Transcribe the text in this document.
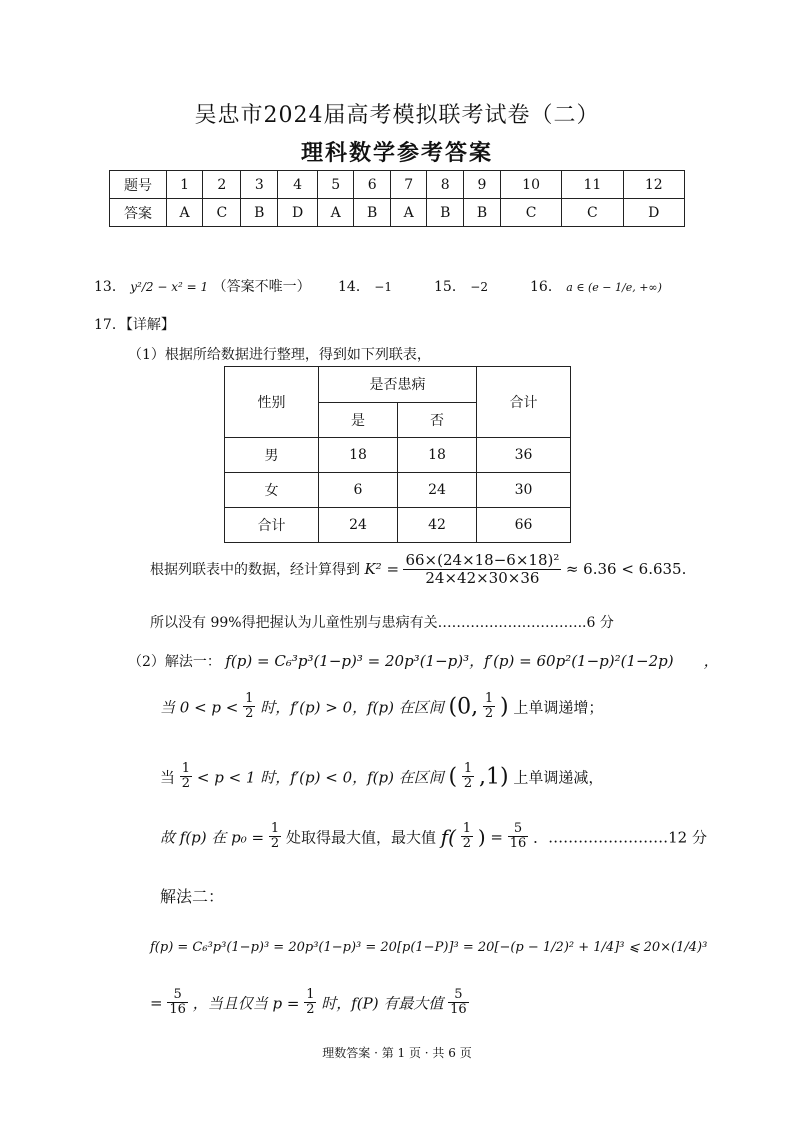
吴忠市2024届高考模拟联考试卷（二）
理科数学参考答案
题号	1	2	3	4	5	6	7	8	9	10	11	12
答案	A	C	B	D	A	B	A	B	B	C	C	D
13． y²/2 − x² = 1 （答案不唯一） 14． −1	15． −2	16． a ∈ (e − 1/e, +∞)
17．【详解】
（1）根据所给数据进行整理，得到如下列联表，
性别	是否患病		合计
	是	否	
男	18	18	36
女	6	24	30
合计	24	42	66
根据列联表中的数据，经计算得到 $K^2 = \frac{\text{66×(24×18−6×18)²}}{24\times 42\times 30\times 36} \approx 6.36 < 6.635$.
所以没有 99%得把握认为儿童性别与患病有关…………………………..6 分
（2）解法一： f(p) = C₆³p³(1−p)³ = 20p³(1−p)³，f′(p) = 60p²(1−p)²(1−2p)　　，
当 $0 < p < \frac{1}{2}$ 时，f′(p) > 0，f(p) 在区间 (0, $\frac{1}{2}$ ) 上单调递增；
当 $\frac{1}{2} < p < 1$ 时，f′(p) < 0，f(p) 在区间 ( $\frac{1}{2} ,1$) 上单调递减，
故 f(p) 在 $p_0 = \frac{1}{2}$ 处取得最大值，最大值 $f( \frac{1}{2}$ ) = $\frac{5}{16}$ ．……………………12 分
解法二：
f(p) = C₆³p³(1−p)³ = 20p³(1−p)³ = 20[p(1−P)]³ = 20[−(p − 1/2)² + 1/4]³ ⩽ 20×(1/4)³
= $\frac{5}{16}$ ，当且仅当 $p = \frac{1}{2}$ 时，f(P) 有最大值 $\frac{5}{16}$
理数答案 · 第 1 页 · 共 6 页
